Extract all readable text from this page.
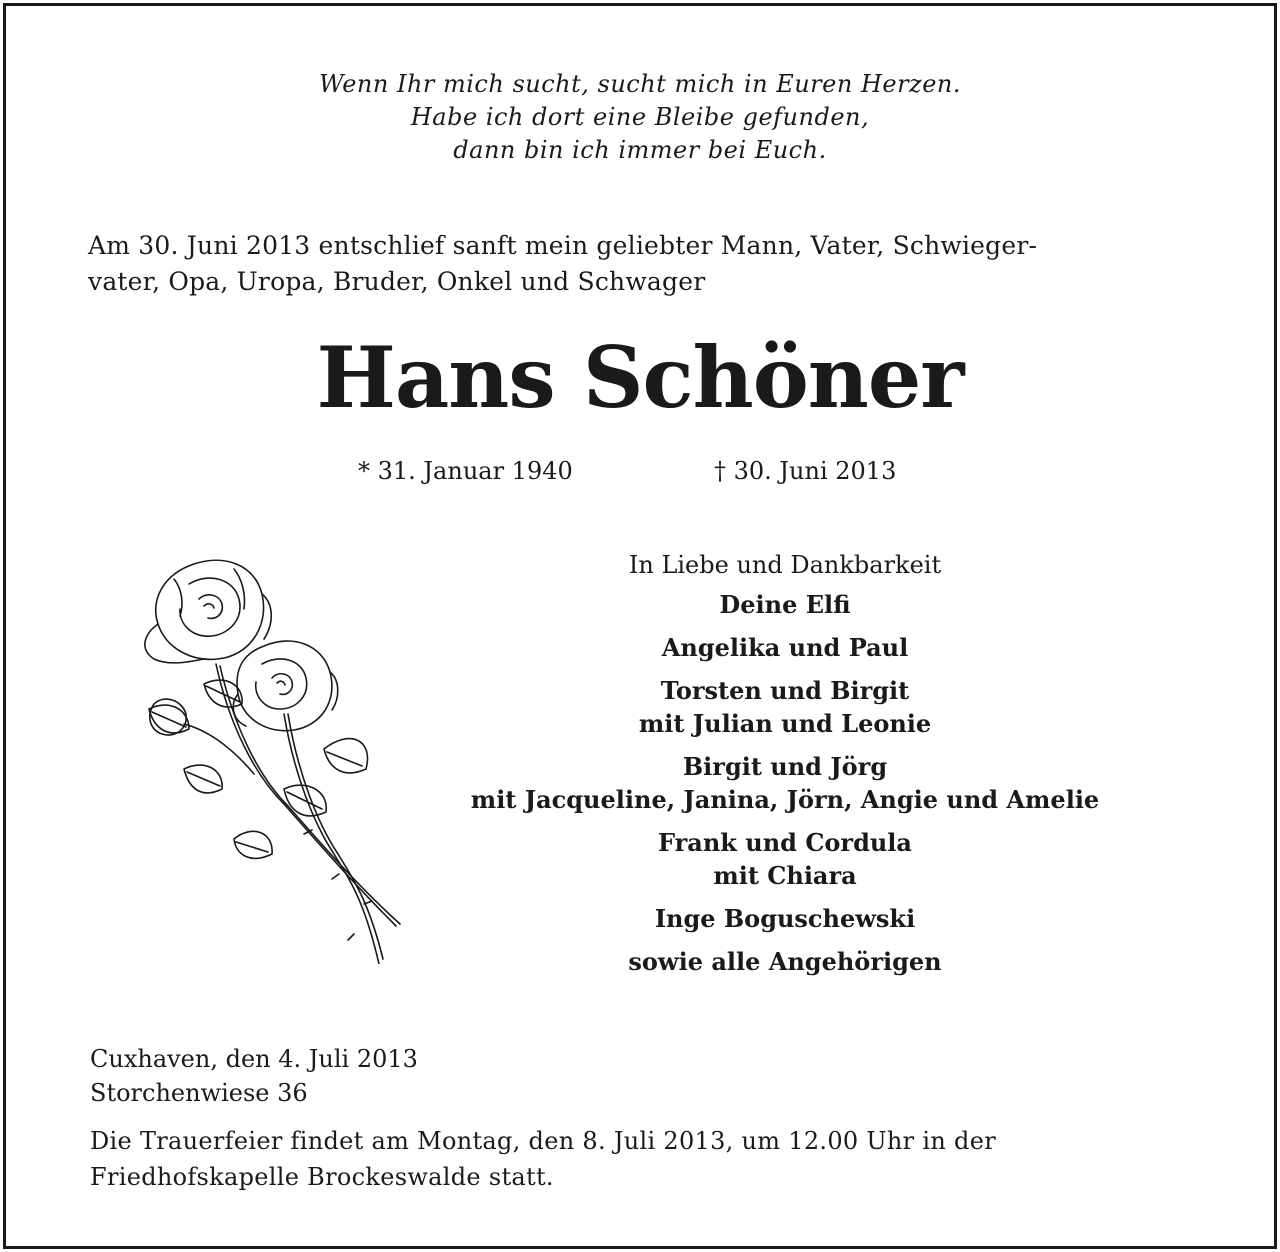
Wenn Ihr mich sucht, sucht mich in Euren Herzen.
Habe ich dort eine Bleibe gefunden,
dann bin ich immer bei Euch.
Am 30. Juni 2013 entschlief sanft mein geliebter Mann, Vater, Schwieger-
vater, Opa, Uropa, Bruder, Onkel und Schwager
Hans Schöner
* 31. Januar 1940	† 30. Juni 2013
In Liebe und Dankbarkeit
Deine Elfi
Angelika und Paul
Torsten und Birgit
mit Julian und Leonie
Birgit und Jörg
mit Jacqueline, Janina, Jörn, Angie und Amelie
Frank und Cordula
mit Chiara
Inge Boguschewski
sowie alle Angehörigen
Cuxhaven, den 4. Juli 2013
Storchenwiese 36
Die Trauerfeier findet am Montag, den 8. Juli 2013, um 12.00 Uhr in der
Friedhofskapelle Brockeswalde statt.
